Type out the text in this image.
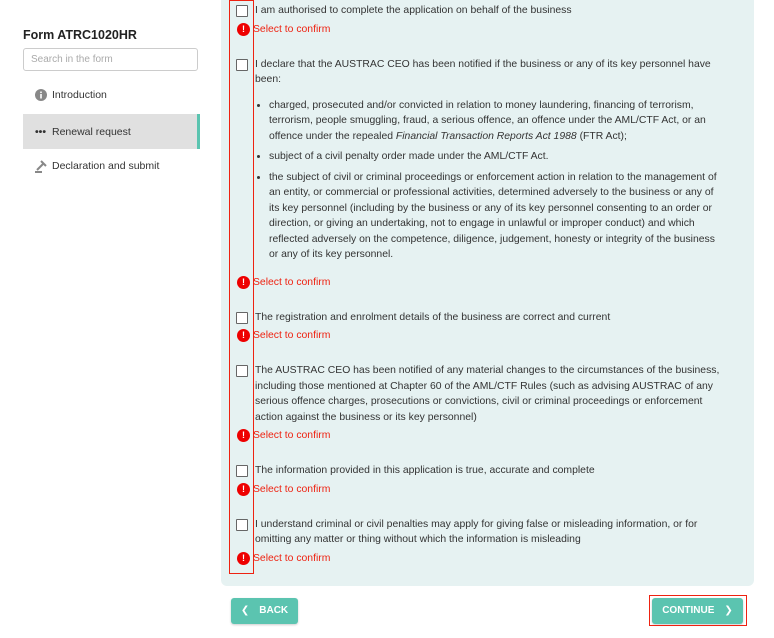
Form ATRC1020HR
Search in the form
Introduction
••• Renewal request
Declaration and submit
I am authorised to complete the application on behalf of the business
! Select to confirm
I declare that the AUSTRAC CEO has been notified if the business or any of its key personnel have been:
• charged, prosecuted and/or convicted in relation to money laundering, financing of terrorism, terrorism, people smuggling, fraud, a serious offence, an offence under the AML/CTF Act, or an offence under the repealed Financial Transaction Reports Act 1988 (FTR Act);
• subject of a civil penalty order made under the AML/CTF Act.
• the subject of civil or criminal proceedings or enforcement action in relation to the management of an entity, or commercial or professional activities, determined adversely to the business or any of its key personnel (including by the business or any of its key personnel consenting to an order or direction, or giving an undertaking, not to engage in unlawful or improper conduct) and which reflected adversely on the competence, diligence, judgement, honesty or integrity of the business or any of its key personnel.
! Select to confirm
The registration and enrolment details of the business are correct and current
! Select to confirm
The AUSTRAC CEO has been notified of any material changes to the circumstances of the business, including those mentioned at Chapter 60 of the AML/CTF Rules (such as advising AUSTRAC of any serious offence charges, prosecutions or convictions, civil or criminal proceedings or enforcement action against the business or its key personnel)
! Select to confirm
The information provided in this application is true, accurate and complete
! Select to confirm
I understand criminal or civil penalties may apply for giving false or misleading information, or for omitting any matter or thing without which the information is misleading
! Select to confirm
❮ BACK	CONTINUE ❯
